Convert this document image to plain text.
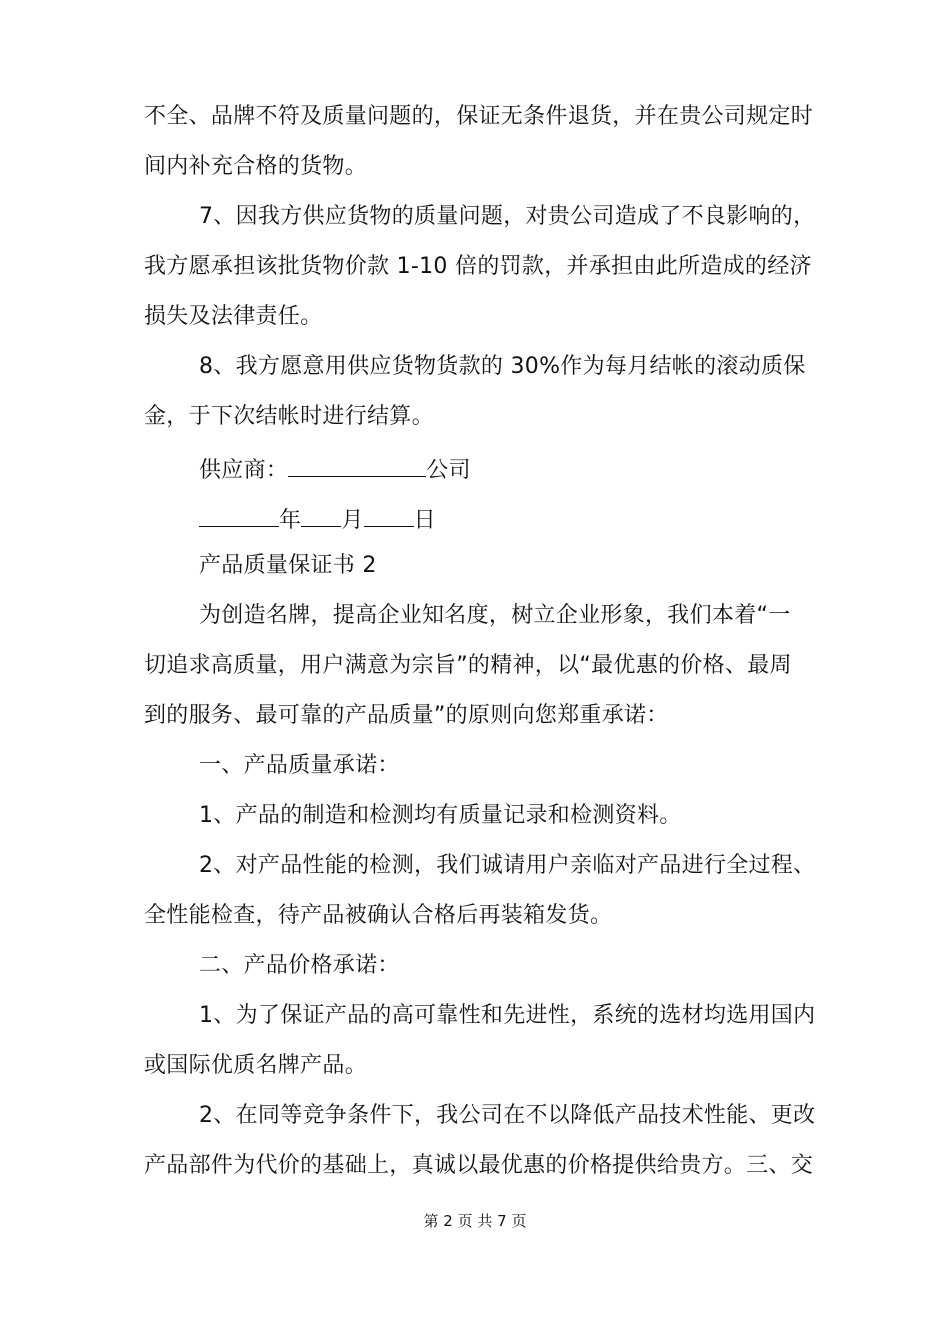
不全、品牌不符及质量问题的，保证无条件退货，并在贵公司规定时
间内补充合格的货物。
7、因我方供应货物的质量问题，对贵公司造成了不良影响的，
我方愿承担该批货物价款 1-10 倍的罚款，并承担由此所造成的经济
损失及法律责任。
8、我方愿意用供应货物货款的 30%作为每月结帐的滚动质保
金，于下次结帐时进行结算。
供应商：	公司
年 月 日
产品质量保证书 2
为创造名牌，提高企业知名度，树立企业形象，我们本着“一
切追求高质量，用户满意为宗旨”的精神，以“最优惠的价格、最周
到的服务、最可靠的产品质量”的原则向您郑重承诺：
一、产品质量承诺：
1、产品的制造和检测均有质量记录和检测资料。
2、对产品性能的检测，我们诚请用户亲临对产品进行全过程、
全性能检查，待产品被确认合格后再装箱发货。
二、产品价格承诺：
1、为了保证产品的高可靠性和先进性，系统的选材均选用国内
或国际优质名牌产品。
2、在同等竞争条件下，我公司在不以降低产品技术性能、更改
产品部件为代价的基础上，真诚以最优惠的价格提供给贵方。三、交
第 2 页 共 7 页
